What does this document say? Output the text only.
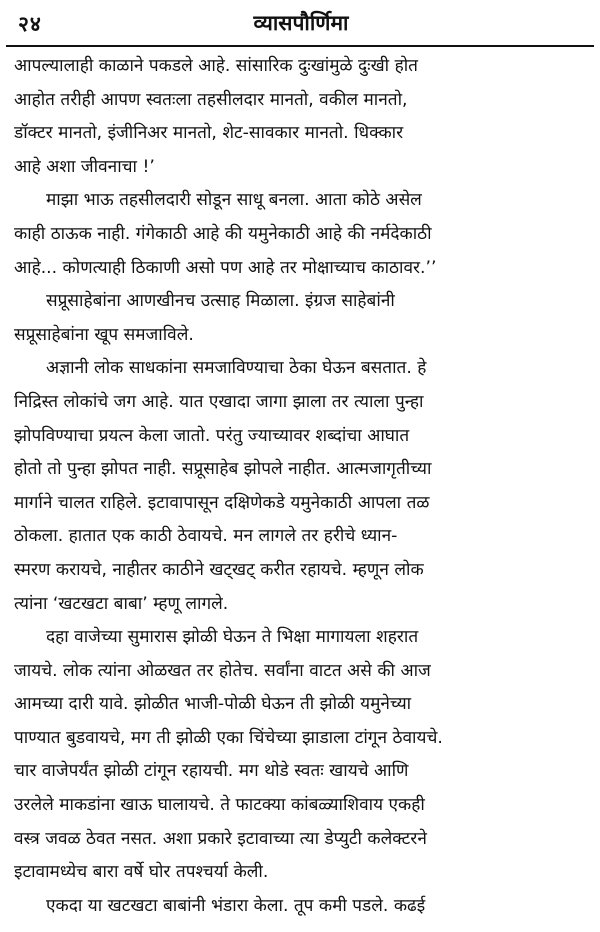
२४	व्यासपौर्णिमा
आपल्यालाही काळाने पकडले आहे. सांसारिक दुःखांमुळे दुःखी होत
आहोत तरीही आपण स्वतःला तहसीलदार मानतो, वकील मानतो,
डॉक्टर मानतो, इंजीनिअर मानतो, शेट-सावकार मानतो. धिक्कार
आहे अशा जीवनाचा !’
माझा भाऊ तहसीलदारी सोडून साधू बनला. आता कोठे असेल
काही ठाऊक नाही. गंगेकाठी आहे की यमुनेकाठी आहे की नर्मदेकाठी
आहे... कोणत्याही ठिकाणी असो पण आहे तर मोक्षाच्याच काठावर.’’
सप्रूसाहेबांना आणखीनच उत्साह मिळाला. इंग्रज साहेबांनी
सप्रूसाहेबांना खूप समजाविले.
अज्ञानी लोक साधकांना समजाविण्याचा ठेका घेऊन बसतात. हे
निद्रिस्त लोकांचे जग आहे. यात एखादा जागा झाला तर त्याला पुन्हा
झोपविण्याचा प्रयत्न केला जातो. परंतु ज्याच्यावर शब्दांचा आघात
होतो तो पुन्हा झोपत नाही. सप्रूसाहेब झोपले नाहीत. आत्मजागृतीच्या
मार्गाने चालत राहिले. इटावापासून दक्षिणेकडे यमुनेकाठी आपला तळ
ठोकला. हातात एक काठी ठेवायचे. मन लागले तर हरीचे ध्यान-
स्मरण करायचे, नाहीतर काठीने खट्खट् करीत रहायचे. म्हणून लोक
त्यांना ‘खटखटा बाबा’ म्हणू लागले.
दहा वाजेच्या सुमारास झोळी घेऊन ते भिक्षा मागायला शहरात
जायचे. लोक त्यांना ओळखत तर होतेच. सर्वांना वाटत असे की आज
आमच्या दारी यावे. झोळीत भाजी-पोळी घेऊन ती झोळी यमुनेच्या
पाण्यात बुडवायचे, मग ती झोळी एका चिंचेच्या झाडाला टांगून ठेवायचे.
चार वाजेपर्यंत झोळी टांगून रहायची. मग थोडे स्वतः खायचे आणि
उरलेले माकडांना खाऊ घालायचे. ते फाटक्या कांबळ्याशिवाय एकही
वस्त्र जवळ ठेवत नसत. अशा प्रकारे इटावाच्या त्या डेप्युटी कलेक्टरने
इटावामध्येच बारा वर्षे घोर तपश्चर्या केली.
एकदा या खटखटा बाबांनी भंडारा केला. तूप कमी पडले. कढई
